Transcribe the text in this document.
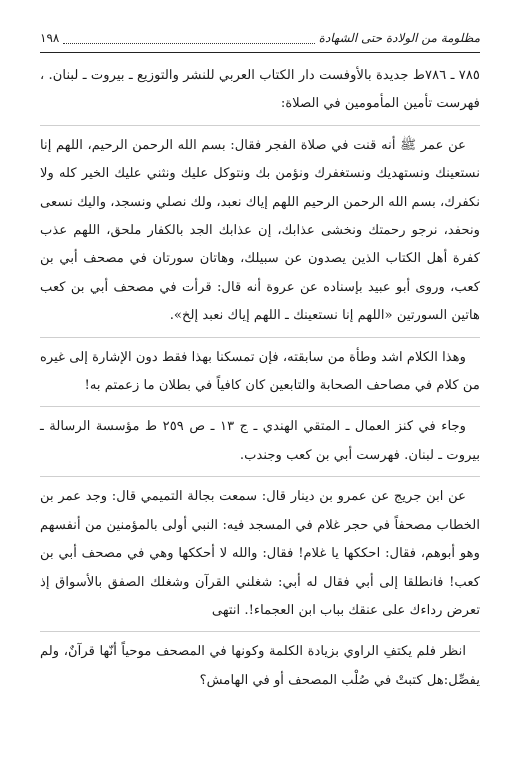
مظلومة من الولادة حتى الشهادة
١٩٨

٧٨٥ ـ ٧٨٦ط جديدة بالأوفست دار الكتاب العربي للنشر والتوزيع ـ بيروت ـ لبنان. ، فهرست تأمين المأمومين في الصلاة:

عن عمر ﷺ أنه قنت في صلاة الفجر فقال: بسم الله الرحمن الرحيم، اللهم إنا نستعينك ونستهديك ونستغفرك ونؤمن بك ونتوكل عليك ونثني عليك الخير كله ولا نكفرك، بسم الله الرحمن الرحيم اللهم إياك نعبد، ولك نصلي ونسجد، واليك نسعى ونحفد، نرجو رحمتك ونخشى عذابك، إن عذابك الجد بالكفار ملحق، اللهم عذب كفرة أهل الكتاب الذين يصدون عن سبيلك، وهاتان سورتان في مصحف أبي بن كعب، وروى أبو عبيد بإسناده عن عروة أنه قال: قرأت في مصحف أبي بن كعب هاتين السورتين «اللهم إنا نستعينك ـ اللهم إياك نعبد إلخ».

وهذا الكلام اشد وطأة من سابقته، فإن تمسكنا بهذا فقط دون الإشارة إلى غيره من كلام في مصاحف الصحابة والتابعين كان كافياً في بطلان ما زعمتم به!

وجاء في كنز العمال ـ المتقي الهندي ـ ج ١٣ ـ ص ٢٥٩ ط مؤسسة الرسالة ـ بيروت ـ لبنان. فهرست أبي بن كعب وجندب.

عن ابن جريج عن عمرو بن دينار قال: سمعت بجالة التميمي قال: وجد عمر بن الخطاب مصحفاً في حجر غلام في المسجد فيه: النبي أولى بالمؤمنين من أنفسهم وهو أبوهم، فقال: احككها يا غلام! فقال: والله لا أحككها وهي في مصحف أبي بن كعب! فانطلقا إلى أبي فقال له أبي: شغلني القرآن وشغلك الصفق بالأسواق إذ تعرض رداءك على عنقك بباب ابن العجماء!. انتهى

انظر فلم يكتفِ الراوي بزيادة الكلمة وكونها في المصحف موحياً أنّها قرآنٌ، ولم يفصِّل:هل كتبتْ في صُلْب المصحف أو في الهامش؟
